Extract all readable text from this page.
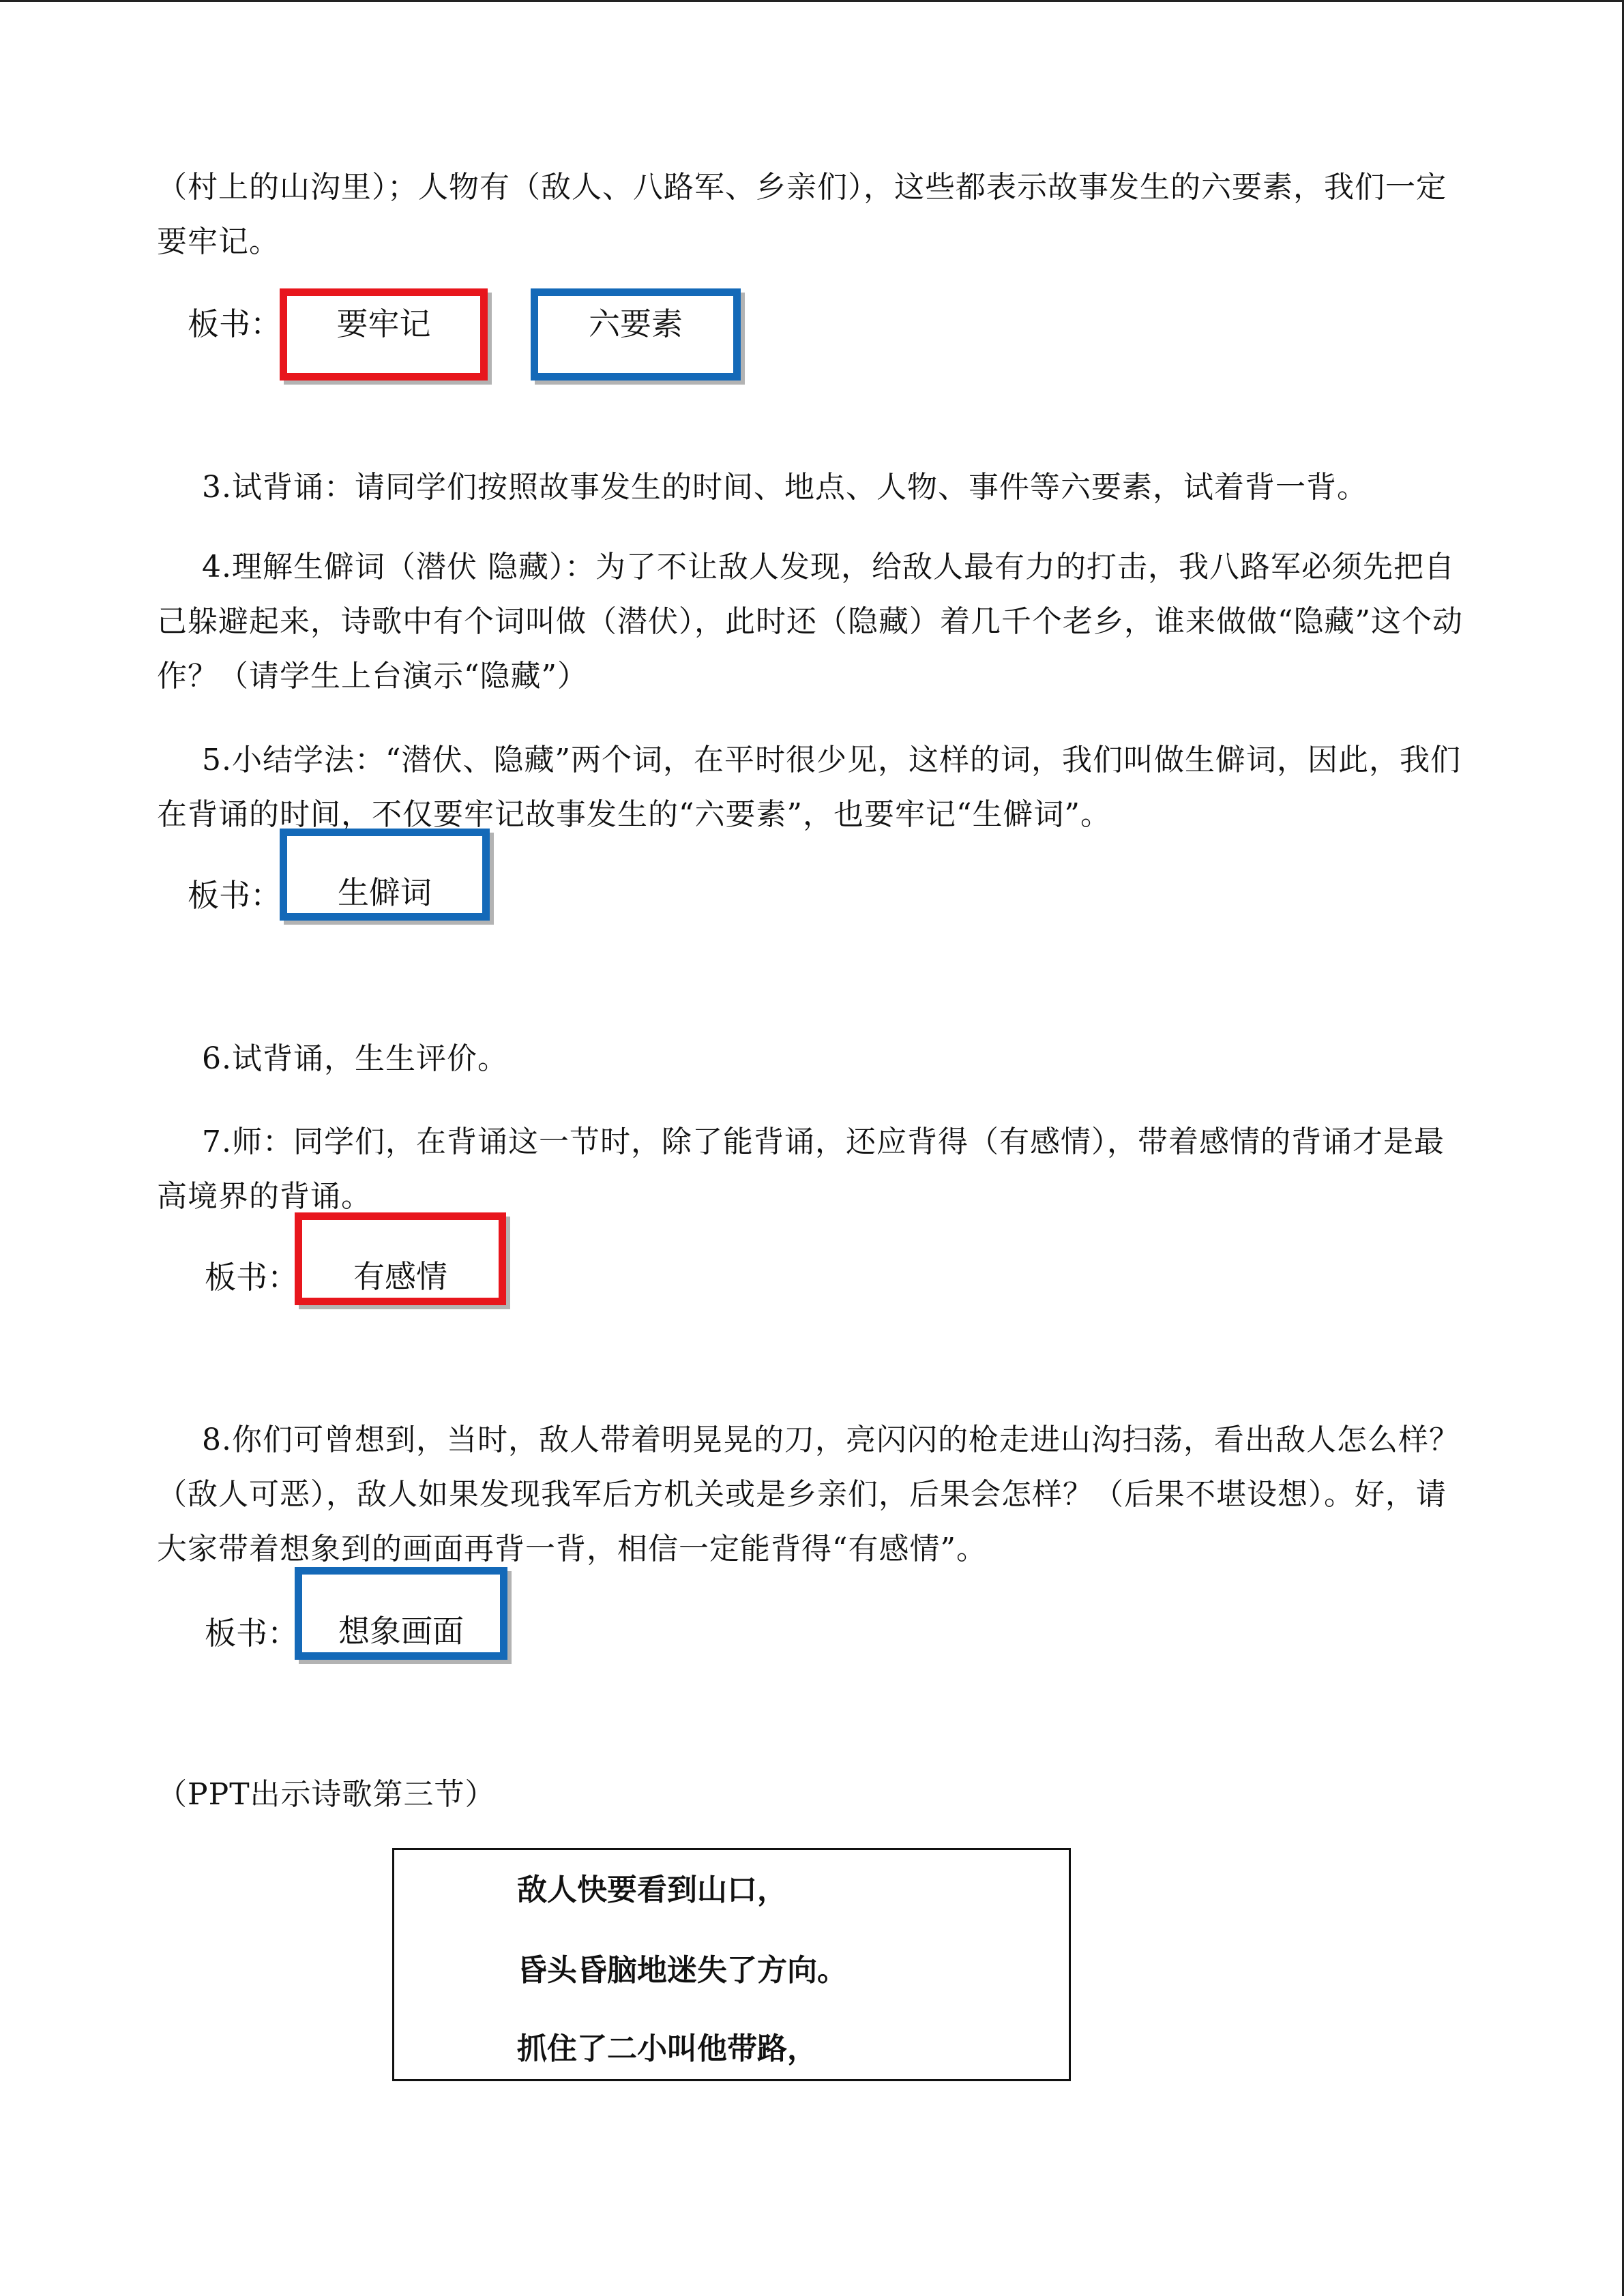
（村上的山沟里）；人物有（敌人、八路军、乡亲们），这些都表示故事发生的六要素，我们一定要牢记。
板书：	要牢记	六要素
3.试背诵：请同学们按照故事发生的时间、地点、人物、事件等六要素，试着背一背。
4.理解生僻词（潜伏 隐藏）：为了不让敌人发现，给敌人最有力的打击，我八路军必须先把自己躲避起来，诗歌中有个词叫做（潜伏），此时还（隐藏）着几千个老乡，谁来做做“隐藏”这个动作？（请学生上台演示“隐藏”）
5.小结学法：“潜伏、隐藏”两个词，在平时很少见，这样的词，我们叫做生僻词，因此，我们在背诵的时间，不仅要牢记故事发生的“六要素”，也要牢记“生僻词”。
板书：	生僻词
6.试背诵，生生评价。
7.师：同学们，在背诵这一节时，除了能背诵，还应背得（有感情），带着感情的背诵才是最高境界的背诵。
板书：	有感情
8.你们可曾想到，当时，敌人带着明晃晃的刀，亮闪闪的枪走进山沟扫荡，看出敌人怎么样？（敌人可恶），敌人如果发现我军后方机关或是乡亲们，后果会怎样？（后果不堪设想）。好，请大家带着想象到的画面再背一背，相信一定能背得“有感情”。
板书：	想象画面
（PPT出示诗歌第三节）
敌人快要看到山口，
昏头昏脑地迷失了方向。
抓住了二小叫他带路，
